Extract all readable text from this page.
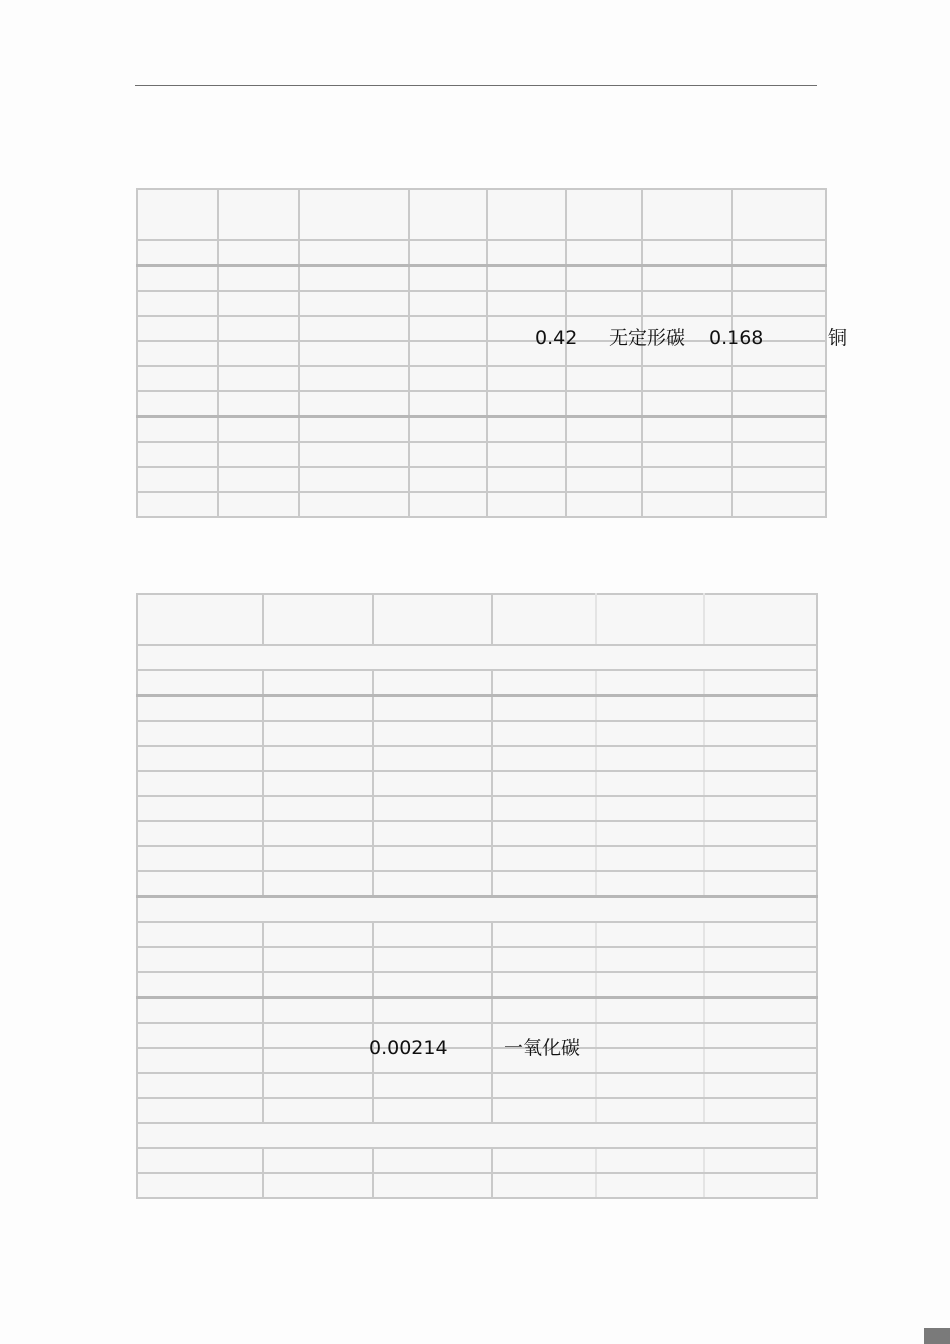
0.42 无定形碳 0.168	铜

0.00214	一氧化碳
